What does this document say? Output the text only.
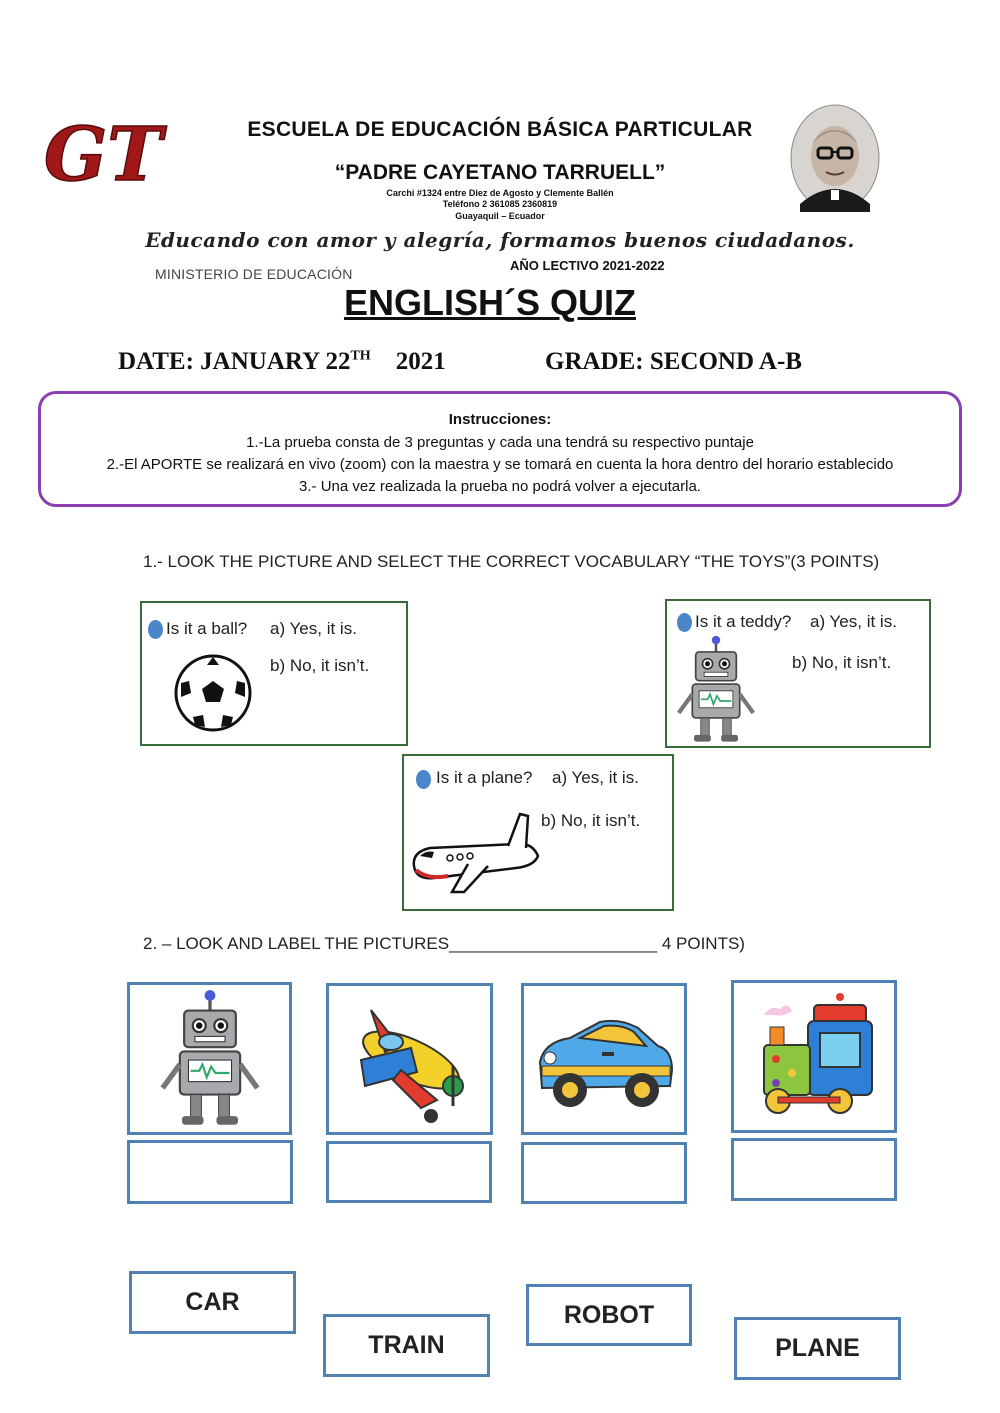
GT	ESCUELA DE EDUCACIÓN BÁSICA PARTICULAR
“PADRE CAYETANO TARRUELL”
Carchi #1324 entre Diez de Agosto y Clemente Ballén
Teléfono 2 361085 2360819
Guayaquil – Ecuador
Educando con amor y alegría, formamos buenos ciudadanos.
MINISTERIO DE EDUCACIÓN
AÑO LECTIVO 2021-2022
ENGLISH´S QUIZ
DATE: JANUARY 22TH 2021	GRADE: SECOND A-B
Instrucciones:
1.-La prueba consta de 3 preguntas y cada una tendrá su respectivo puntaje
2.-El APORTE se realizará en vivo (zoom) con la maestra y se tomará en cuenta la hora dentro del horario establecido
3.- Una vez realizada la prueba no podrá volver a ejecutarla.
1.- LOOK THE PICTURE AND SELECT THE CORRECT VOCABULARY “THE TOYS”(3 POINTS)
Is it a ball? a) Yes, it is.
b) No, it isn’t.
Is it a teddy? a) Yes, it is.
b) No, it isn’t.
Is it a plane? a) Yes, it is.
b) No, it isn’t.
2. – LOOK AND LABEL THE PICTURES______________________ 4 POINTS)
CAR
TRAIN
ROBOT
PLANE
